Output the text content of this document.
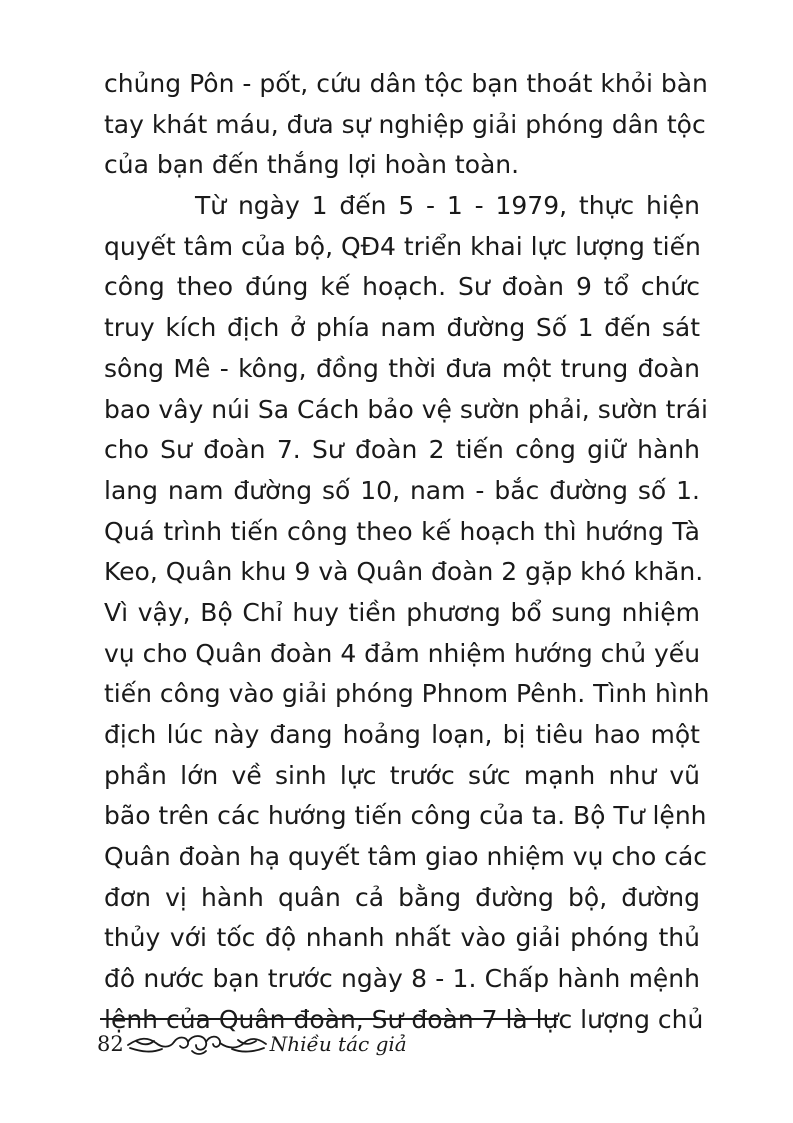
chủng Pôn - pốt, cứu dân tộc bạn thoát khỏi bàn
tay khát máu, đưa sự nghiệp giải phóng dân tộc
của bạn đến thắng lợi hoàn toàn.
Từ ngày 1 đến 5 - 1 - 1979, thực hiện
quyết tâm của bộ, QĐ4 triển khai lực lượng tiến
công theo đúng kế hoạch. Sư đoàn 9 tổ chức
truy kích địch ở phía nam đường Số 1 đến sát
sông Mê - kông, đồng thời đưa một trung đoàn
bao vây núi Sa Cách bảo vệ sườn phải, sườn trái
cho Sư đoàn 7. Sư đoàn 2 tiến công giữ hành
lang nam đường số 10, nam - bắc đường số 1.
Quá trình tiến công theo kế hoạch thì hướng Tà
Keo, Quân khu 9 và Quân đoàn 2 gặp khó khăn.
Vì vậy, Bộ Chỉ huy tiền phương bổ sung nhiệm
vụ cho Quân đoàn 4 đảm nhiệm hướng chủ yếu
tiến công vào giải phóng Phnom Pênh. Tình hình
địch lúc này đang hoảng loạn, bị tiêu hao một
phần lớn về sinh lực trước sức mạnh như vũ
bão trên các hướng tiến công của ta. Bộ Tư lệnh
Quân đoàn hạ quyết tâm giao nhiệm vụ cho các
đơn vị hành quân cả bằng đường bộ, đường
thủy với tốc độ nhanh nhất vào giải phóng thủ
đô nước bạn trước ngày 8 - 1. Chấp hành mệnh
lệnh của Quân đoàn, Sư đoàn 7 là lực lượng chủ
82	Nhiều tác giả
